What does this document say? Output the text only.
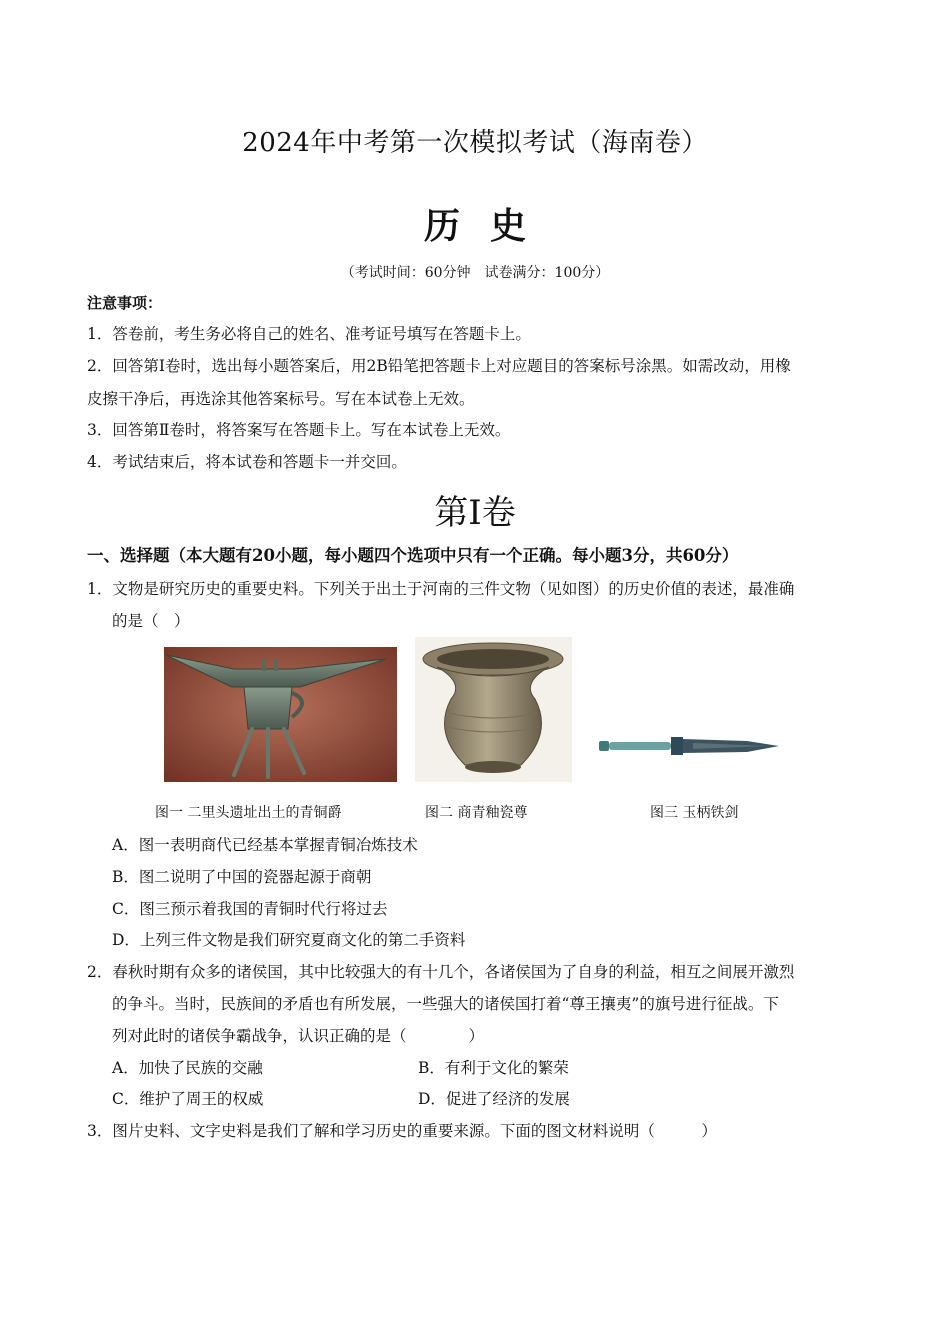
2024年中考第一次模拟考试（海南卷）
历史
（考试时间：60分钟　试卷满分：100分）
注意事项：
1．答卷前，考生务必将自己的姓名、准考证号填写在答题卡上。
2．回答第Ⅰ卷时，选出每小题答案后，用2B铅笔把答题卡上对应题目的答案标号涂黑。如需改动，用橡
皮擦干净后，再选涂其他答案标号。写在本试卷上无效。
3．回答第Ⅱ卷时，将答案写在答题卡上。写在本试卷上无效。
4．考试结束后，将本试卷和答题卡一并交回。
第Ⅰ卷
一、选择题（本大题有20小题，每小题四个选项中只有一个正确。每小题3分，共60分）
1．文物是研究历史的重要史料。下列关于出土于河南的三件文物（见如图）的历史价值的表述，最准确
的是（　）
图一 二里头遗址出土的青铜爵	图二 商青釉瓷尊	图三 玉柄铁剑
A．图一表明商代已经基本掌握青铜冶炼技术
B．图二说明了中国的瓷器起源于商朝
C．图三预示着我国的青铜时代行将过去
D．上列三件文物是我们研究夏商文化的第二手资料
2．春秋时期有众多的诸侯国，其中比较强大的有十几个，各诸侯国为了自身的利益，相互之间展开激烈
的争斗。当时，民族间的矛盾也有所发展，一些强大的诸侯国打着“尊王攘夷”的旗号进行征战。下
列对此时的诸侯争霸战争，认识正确的是（　　　　）
A．加快了民族的交融	B．有利于文化的繁荣
C．维护了周王的权威	D．促进了经济的发展
3．图片史料、文字史料是我们了解和学习历史的重要来源。下面的图文材料说明（　　　）
